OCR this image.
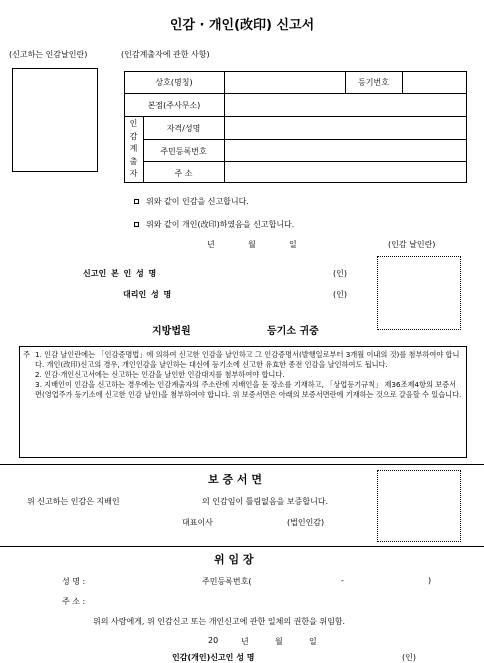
인감 · 개인(改印) 신고서
(신고하는 인감날인란)	(인감계출자에 관한 사항)
상호(명칭)	등기번호
본점(주사무소)
인
감
계
출
자
자격/성명
주민등록번호
주 소
위와 같이 인감을 신고합니다.
위와 같이 개인(改印)하였음을 신고합니다.
년	월	일	(인감 날인란)
신고인 본 인 성 명	(인)
대리인 성 명	(인)
지방법원	등기소 귀중
주 1. 인감 날인란에는 「인감증명법」에 의하여 신고한 인감을 날인하고 그 인감증명서(발행일로부터 3개월 이내의 것)를 첨부하여야 합니다. 개인(改印)신고의 경우, 개인인감을 날인하는 대신에 등기소에 신고한 유효한 종전 인감을 날인하여도 됩니다.

2. 인감·개인신고서에는 신고하는 인감을 날인한 인감대지를 첨부하여야 합니다.

3. 지배인이 인감을 신고하는 경우에는 인감계출자의 주소란에 지배인을 둔 장소를 기재하고, 「상업등기규칙」 제36조제4항의 보증서면(영업주가 등기소에 신고한 인감 날인)을 첨부하여야 합니다. 위 보증서면은 아래의 보증서면란에 기재하는 것으로 갈음할 수 있습니다.

보 증 서 면
위 신고하는 인감은 지배인	의 인감임이 틀림없음을 보증합니다.
대표이사	(법인인감)
위 임 장
성 명 :	주민등록번호(	-	)
주 소 :
위의 사람에게, 위 인감신고 또는 개인신고에 관한 일체의 권한을 위임함.
20	년	월	일
인감(개인)신고인 성 명	(인)
